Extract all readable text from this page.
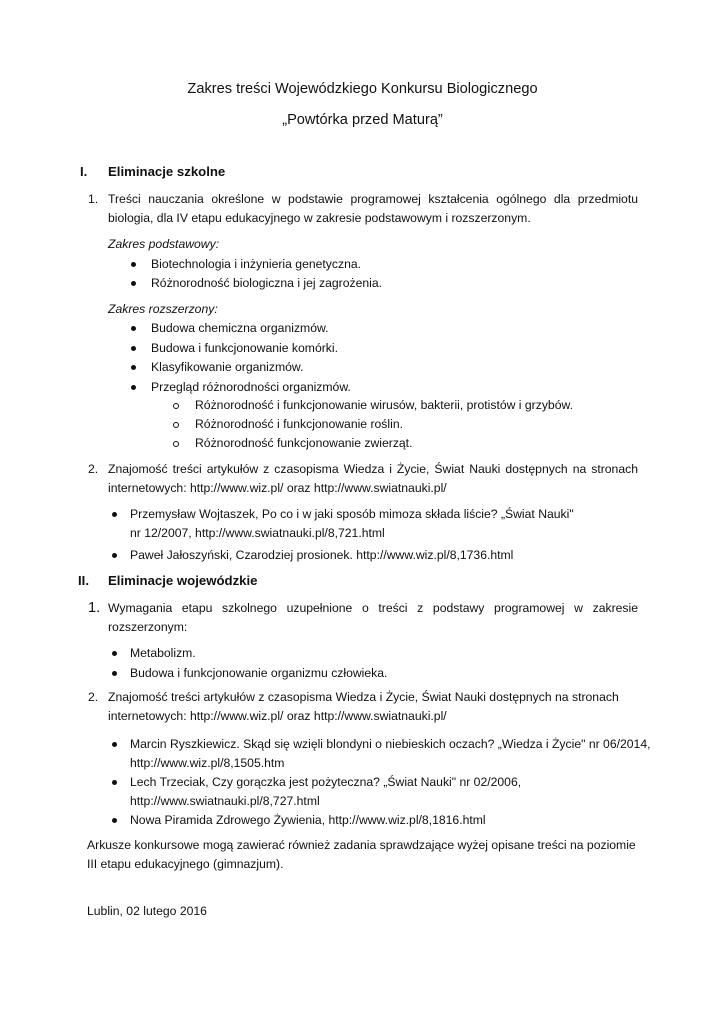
Zakres treści Wojewódzkiego Konkursu Biologicznego
„Powtórka przed Maturą”
I. Eliminacje szkolne
1. Treści nauczania określone w podstawie programowej kształcenia ogólnego dla przedmiotu
biologia, dla IV etapu edukacyjnego w zakresie podstawowym i rozszerzonym.
Zakres podstawowy:
Biotechnologia i inżynieria genetyczna.
Różnorodność biologiczna i jej zagrożenia.
Zakres rozszerzony:
Budowa chemiczna organizmów.
Budowa i funkcjonowanie komórki.
Klasyfikowanie organizmów.
Przegląd różnorodności organizmów.
Różnorodność i funkcjonowanie wirusów, bakterii, protistów i grzybów.
Różnorodność i funkcjonowanie roślin.
Różnorodność funkcjonowanie zwierząt.
2. Znajomość treści artykułów z czasopisma Wiedza i Życie, Świat Nauki dostępnych na stronach
internetowych: http://www.wiz.pl/ oraz http://www.swiatnauki.pl/
Przemysław Wojtaszek, Po co i w jaki sposób mimoza składa liście? „Świat Nauki"
nr 12/2007, http://www.swiatnauki.pl/8,721.html
Paweł Jałoszyński, Czarodziej prosionek. http://www.wiz.pl/8,1736.html
II. Eliminacje wojewódzkie
1. Wymagania etapu szkolnego uzupełnione o treści z podstawy programowej w zakresie
rozszerzonym:
Metabolizm.
Budowa i funkcjonowanie organizmu człowieka.
2. Znajomość treści artykułów z czasopisma Wiedza i Życie, Świat Nauki dostępnych na stronach
internetowych: http://www.wiz.pl/ oraz http://www.swiatnauki.pl/
Marcin Ryszkiewicz. Skąd się wzięli blondyni o niebieskich oczach? „Wiedza i Życie" nr 06/2014,
http://www.wiz.pl/8,1505.htm
Lech Trzeciak, Czy gorączka jest pożyteczna? „Świat Nauki" nr 02/2006,
http://www.swiatnauki.pl/8,727.html
Nowa Piramida Zdrowego Żywienia, http://www.wiz.pl/8,1816.html
Arkusze konkursowe mogą zawierać również zadania sprawdzające wyżej opisane treści na poziomie
III etapu edukacyjnego (gimnazjum).
Lublin, 02 lutego 2016
